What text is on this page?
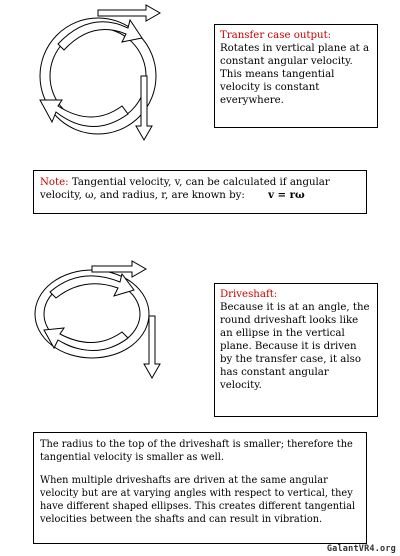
Transfer case output:
Rotates in vertical plane at a constant angular velocity. This means tangential velocity is constant everywhere.
Note: Tangential velocity, v, can be calculated if angular velocity, ω, and radius, r, are known by: v = rω
Driveshaft:
Because it is at an angle, the round driveshaft looks like an ellipse in the vertical plane. Because it is driven by the transfer case, it also has constant angular velocity.

The radius to the top of the driveshaft is smaller; therefore the tangential velocity is smaller as well.

When multiple driveshafts are driven at the same angular velocity but are at varying angles with respect to vertical, they have different shaped ellipses. This creates different tangential velocities between the shafts and can result in vibration.

GalantVR4.org
